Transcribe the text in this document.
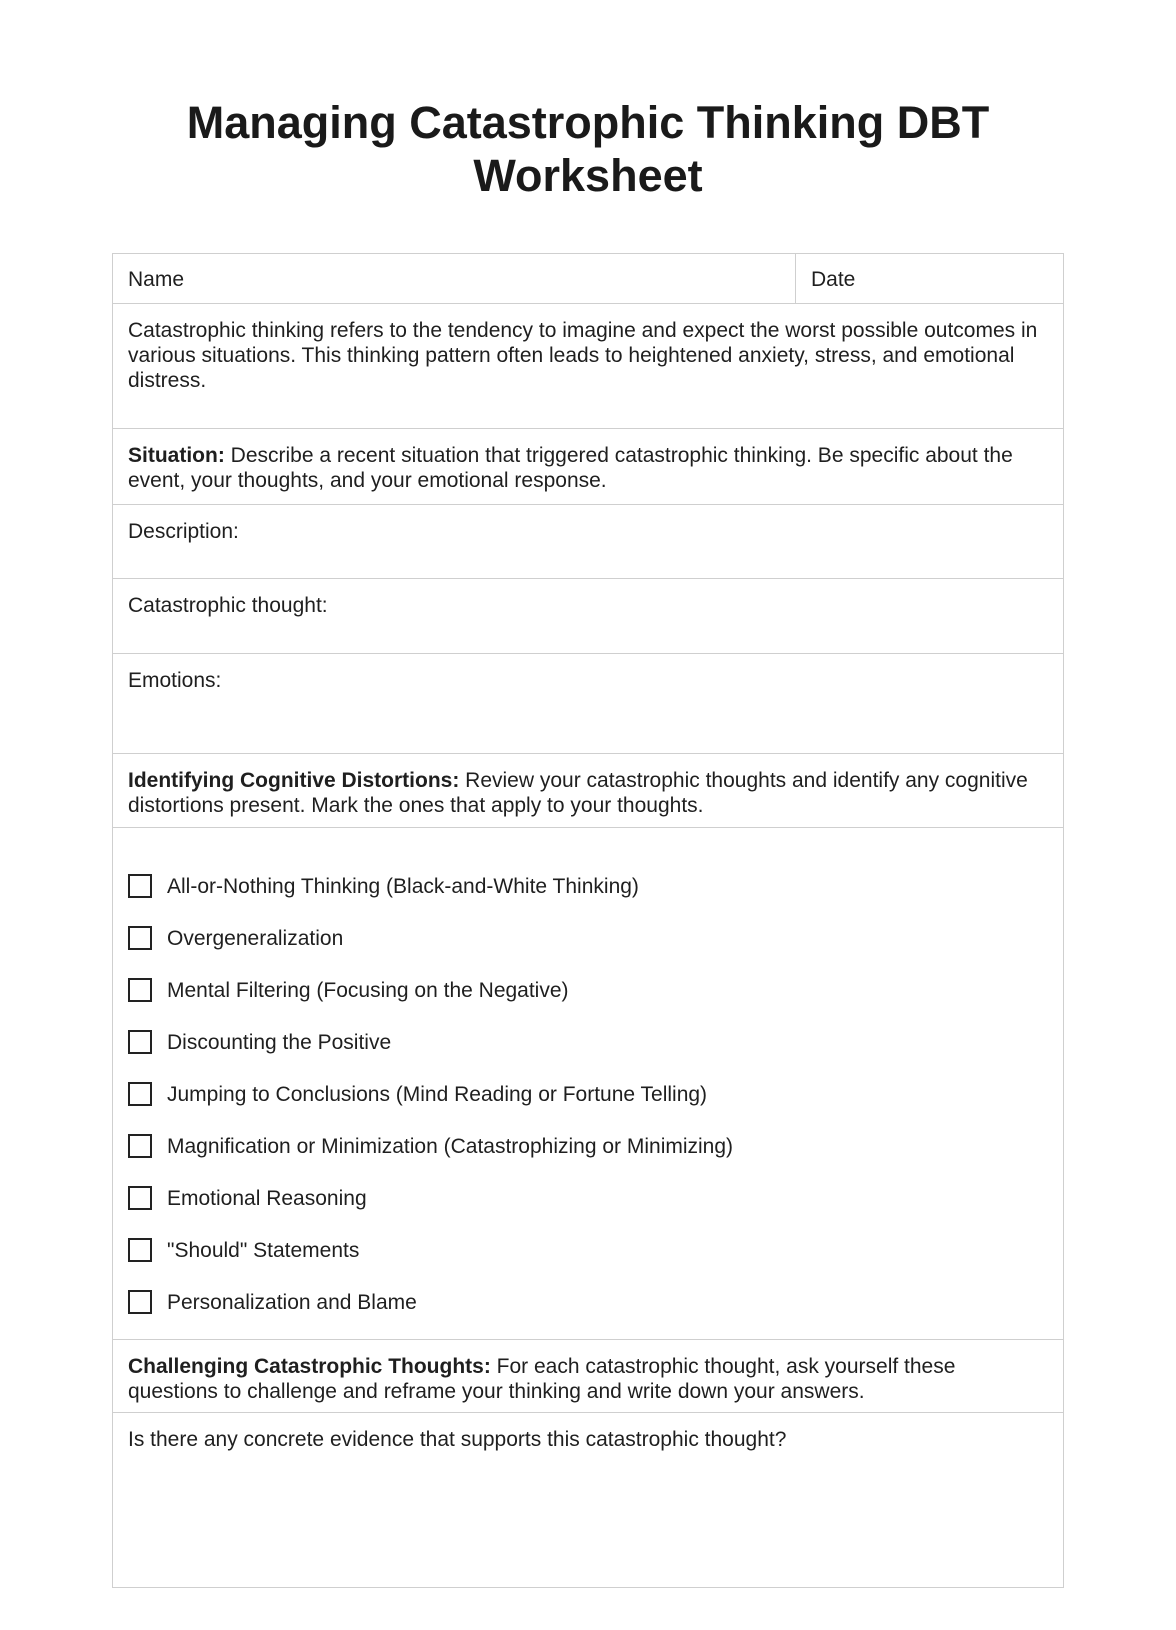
Managing Catastrophic Thinking DBT
Worksheet
Name	Date
Catastrophic thinking refers to the tendency to imagine and expect the worst possible outcomes in various situations. This thinking pattern often leads to heightened anxiety, stress, and emotional distress.
Situation: Describe a recent situation that triggered catastrophic thinking. Be specific about the event, your thoughts, and your emotional response.
Description:
Catastrophic thought:
Emotions:
Identifying Cognitive Distortions: Review your catastrophic thoughts and identify any cognitive distortions present. Mark the ones that apply to your thoughts.
All-or-Nothing Thinking (Black-and-White Thinking)
Overgeneralization
Mental Filtering (Focusing on the Negative)
Discounting the Positive
Jumping to Conclusions (Mind Reading or Fortune Telling)
Magnification or Minimization (Catastrophizing or Minimizing)
Emotional Reasoning
"Should" Statements
Personalization and Blame
Challenging Catastrophic Thoughts: For each catastrophic thought, ask yourself these questions to challenge and reframe your thinking and write down your answers.
Is there any concrete evidence that supports this catastrophic thought?
